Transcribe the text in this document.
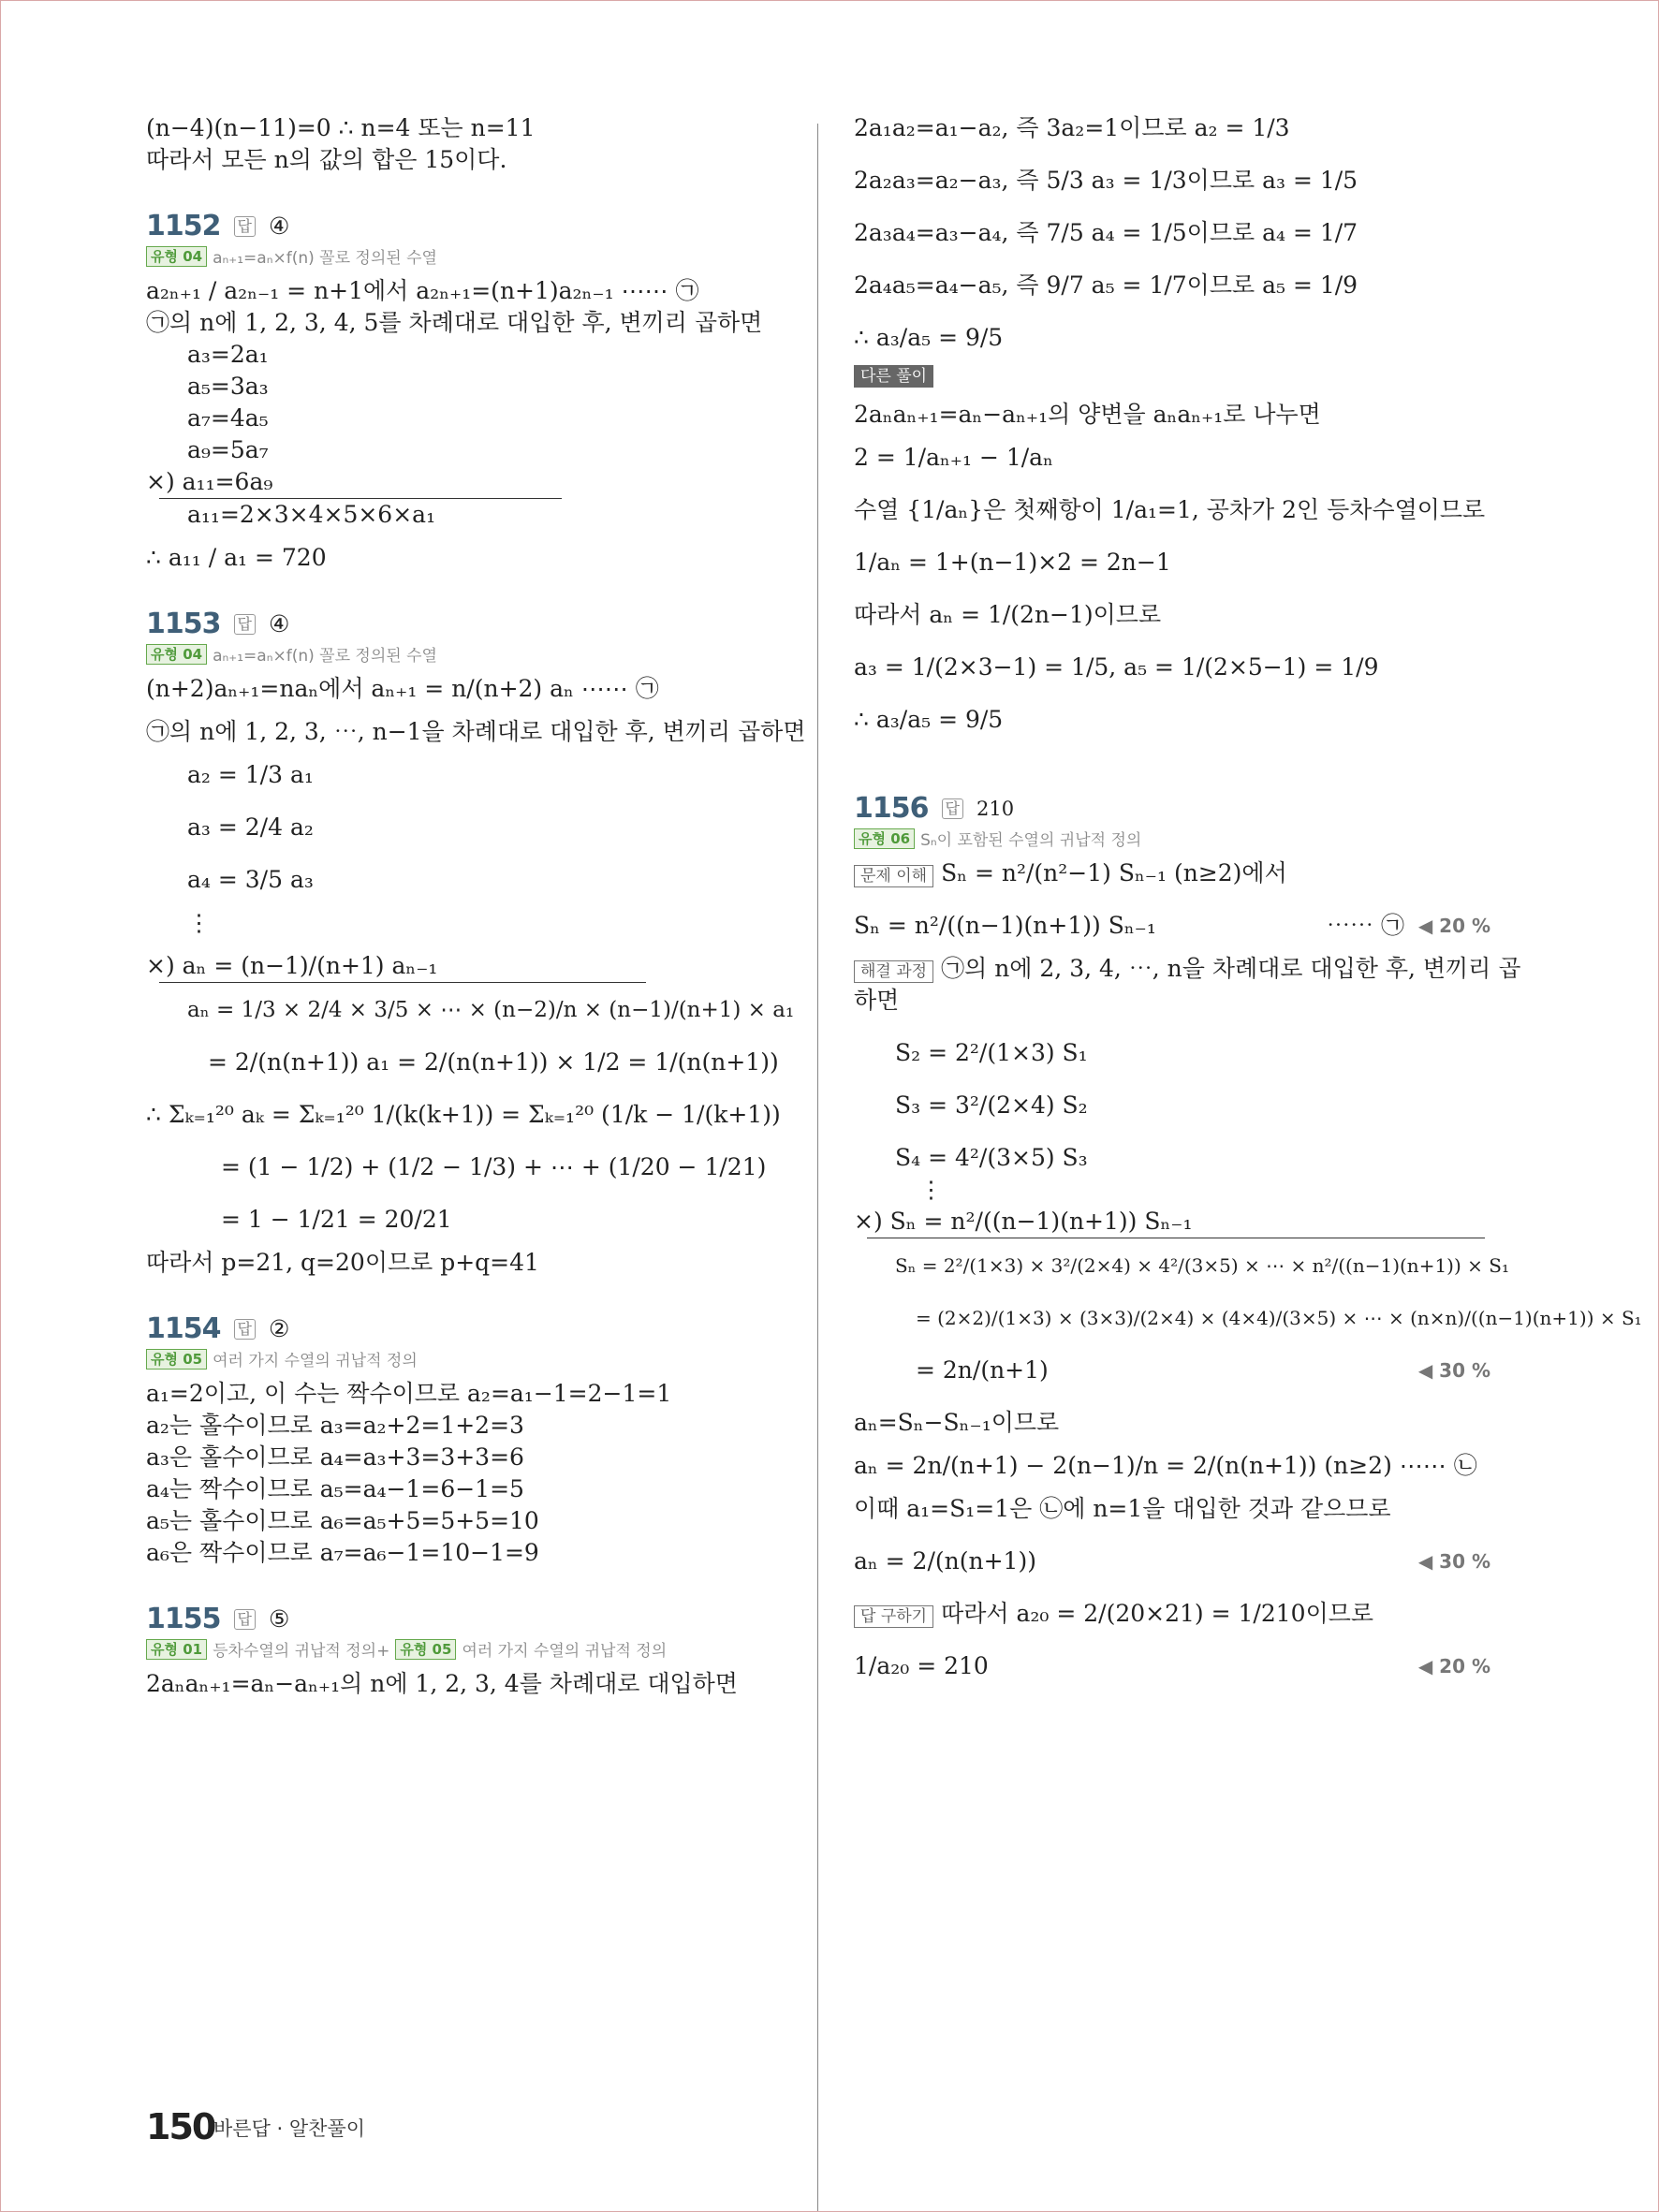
(n−4)(n−11)=0 ∴ n=4 또는 n=11
따라서 모든 n의 값의 합은 15이다.
1152 답 ④
유형 04 aₙ₊₁=aₙ×f(n) 꼴로 정의된 수열
a₂ₙ₊₁ / a₂ₙ₋₁ = n+1에서 a₂ₙ₊₁=(n+1)a₂ₙ₋₁ ⋯⋯ ㉠
㉠의 n에 1, 2, 3, 4, 5를 차례대로 대입한 후, 변끼리 곱하면
a₃=2a₁
a₅=3a₃
a₇=4a₅
a₉=5a₇
×) a₁₁=6a₉
a₁₁=2×3×4×5×6×a₁
∴ a₁₁ / a₁ = 720
1153 답 ④
유형 04 aₙ₊₁=aₙ×f(n) 꼴로 정의된 수열
(n+2)aₙ₊₁=naₙ에서 aₙ₊₁ = n/(n+2) aₙ ⋯⋯ ㉠
㉠의 n에 1, 2, 3, ⋯, n−1을 차례대로 대입한 후, 변끼리 곱하면
a₂ = 1/3 a₁
a₃ = 2/4 a₂
a₄ = 3/5 a₃
⋮
×) aₙ = (n−1)/(n+1) aₙ₋₁
aₙ = 1/3 × 2/4 × 3/5 × ⋯ × (n−2)/n × (n−1)/(n+1) × a₁
= 2/(n(n+1)) a₁ = 2/(n(n+1)) × 1/2 = 1/(n(n+1))
∴ Σₖ₌₁²⁰ aₖ = Σₖ₌₁²⁰ 1/(k(k+1)) = Σₖ₌₁²⁰ (1/k − 1/(k+1))
= (1 − 1/2) + (1/2 − 1/3) + ⋯ + (1/20 − 1/21)
= 1 − 1/21 = 20/21
따라서 p=21, q=20이므로 p+q=41
1154 답 ②
유형 05 여러 가지 수열의 귀납적 정의
a₁=2이고, 이 수는 짝수이므로 a₂=a₁−1=2−1=1
a₂는 홀수이므로 a₃=a₂+2=1+2=3
a₃은 홀수이므로 a₄=a₃+3=3+3=6
a₄는 짝수이므로 a₅=a₄−1=6−1=5
a₅는 홀수이므로 a₆=a₅+5=5+5=10
a₆은 짝수이므로 a₇=a₆−1=10−1=9
1155 답 ⑤
유형 01 등차수열의 귀납적 정의+ 유형 05 여러 가지 수열의 귀납적 정의
2aₙaₙ₊₁=aₙ−aₙ₊₁의 n에 1, 2, 3, 4를 차례대로 대입하면
2a₁a₂=a₁−a₂, 즉 3a₂=1이므로 a₂ = 1/3
2a₂a₃=a₂−a₃, 즉 5/3 a₃ = 1/3이므로 a₃ = 1/5
2a₃a₄=a₃−a₄, 즉 7/5 a₄ = 1/5이므로 a₄ = 1/7
2a₄a₅=a₄−a₅, 즉 9/7 a₅ = 1/7이므로 a₅ = 1/9
∴ a₃/a₅ = 9/5
다른 풀이
2aₙaₙ₊₁=aₙ−aₙ₊₁의 양변을 aₙaₙ₊₁로 나누면
2 = 1/aₙ₊₁ − 1/aₙ
수열 {1/aₙ}은 첫째항이 1/a₁=1, 공차가 2인 등차수열이므로
1/aₙ = 1+(n−1)×2 = 2n−1
따라서 aₙ = 1/(2n−1)이므로
a₃ = 1/(2×3−1) = 1/5, a₅ = 1/(2×5−1) = 1/9
∴ a₃/a₅ = 9/5
1156 답 210
유형 06 Sₙ이 포함된 수열의 귀납적 정의
문제 이해 Sₙ = n²/(n²−1) Sₙ₋₁ (n≥2)에서
Sₙ = n²/((n−1)(n+1)) Sₙ₋₁	⋯⋯ ㉠ ◀ 20 %
해결 과정 ㉠의 n에 2, 3, 4, ⋯, n을 차례대로 대입한 후, 변끼리 곱
하면
S₂ = 2²/(1×3) S₁
S₃ = 3²/(2×4) S₂
S₄ = 4²/(3×5) S₃
⋮
×) Sₙ = n²/((n−1)(n+1)) Sₙ₋₁
Sₙ = 2²/(1×3) × 3²/(2×4) × 4²/(3×5) × ⋯ × n²/((n−1)(n+1)) × S₁
= (2×2)/(1×3) × (3×3)/(2×4) × (4×4)/(3×5) × ⋯ × (n×n)/((n−1)(n+1)) × S₁
= 2n/(n+1)	◀ 30 %
aₙ=Sₙ−Sₙ₋₁이므로
aₙ = 2n/(n+1) − 2(n−1)/n = 2/(n(n+1)) (n≥2) ⋯⋯ ㉡
이때 a₁=S₁=1은 ㉡에 n=1을 대입한 것과 같으므로
aₙ = 2/(n(n+1))	◀ 30 %
답 구하기 따라서 a₂₀ = 2/(20×21) = 1/210이므로
1/a₂₀ = 210	◀ 20 %
150
바른답 · 알찬풀이
